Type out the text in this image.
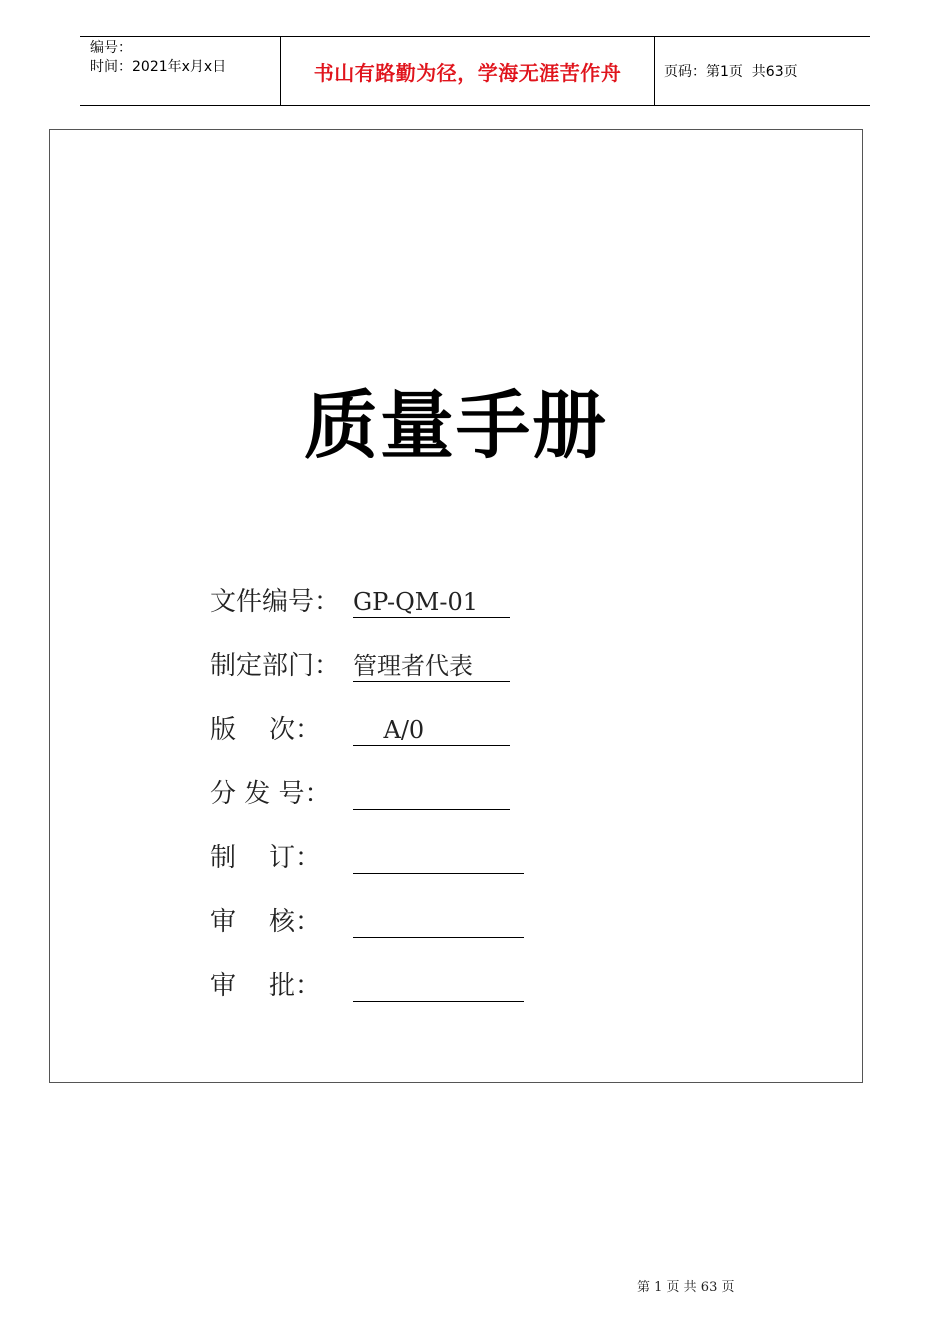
编号：
时间：2021年x月x日	书山有路勤为径，学海无涯苦作舟	页码：第1页  共63页
质量手册
文件编号： GP-QM-01
制定部门： 管理者代表
版    次：	A/0
分 发 号：
制    订：
审    核：
审    批：
第 1 页 共 63 页
